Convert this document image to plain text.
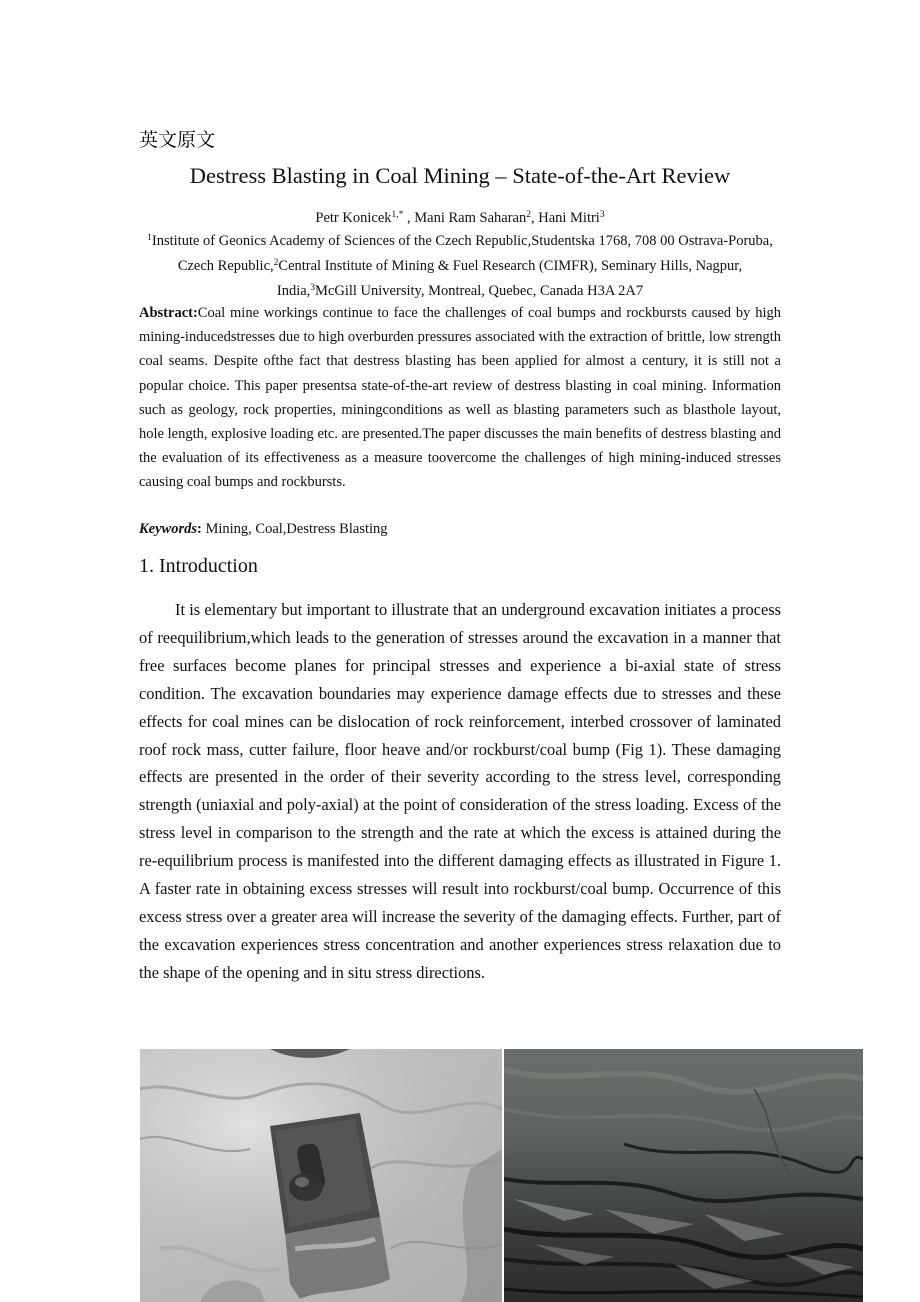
英文原文
Destress Blasting in Coal Mining – State-of-the-Art Review
Petr Konicek$^{1,*}$ , Mani Ram Saharan$^2$, Hani Mitri$^3$
$^1$Institute of Geonics Academy of Sciences of the Czech Republic,Studentska 1768, 708 00 Ostrava-Poruba, Czech Republic,$^2$Central Institute of Mining & Fuel Research (CIMFR), Seminary Hills, Nagpur, India,$^3$McGill University, Montreal, Quebec, Canada H3A 2A7
Abstract:Coal mine workings continue to face the challenges of coal bumps and rockbursts caused by high mining-inducedstresses due to high overburden pressures associated with the extraction of brittle, low strength coal seams. Despite ofthe fact that destress blasting has been applied for almost a century, it is still not a popular choice. This paper presentsa state-of-the-art review of destress blasting in coal mining. Information such as geology, rock properties, miningconditions as well as blasting parameters such as blasthole layout, hole length, explosive loading etc. are presented.The paper discusses the main benefits of destress blasting and the evaluation of its effectiveness as a measure toovercome the challenges of high mining-induced stresses causing coal bumps and rockbursts.
Keywords: Mining, Coal,Destress Blasting
1. Introduction

It is elementary but important to illustrate that an underground excavation initiates a process of reequilibrium,which leads to the generation of stresses around the excavation in a manner that free surfaces become planes for principal stresses and experience a bi-axial state of stress condition. The excavation boundaries may experience damage effects due to stresses and these effects for coal mines can be dislocation of rock reinforcement, interbed crossover of laminated roof rock mass, cutter failure, floor heave and/or rockburst/coal bump (Fig 1). These damaging effects are presented in the order of their severity according to the stress level, corresponding strength (uniaxial and poly-axial) at the point of consideration of the stress loading. Excess of the stress level in comparison to the strength and the rate at which the excess is attained during the re-equilibrium process is manifested into the different damaging effects as illustrated in Figure 1. A faster rate in obtaining excess stresses will result into rockburst/coal bump. Occurrence of this excess stress over a greater area will increase the severity of the damaging effects. Further, part of the excavation experiences stress concentration and another experiences stress relaxation due to the shape of the opening and in situ stress directions.
